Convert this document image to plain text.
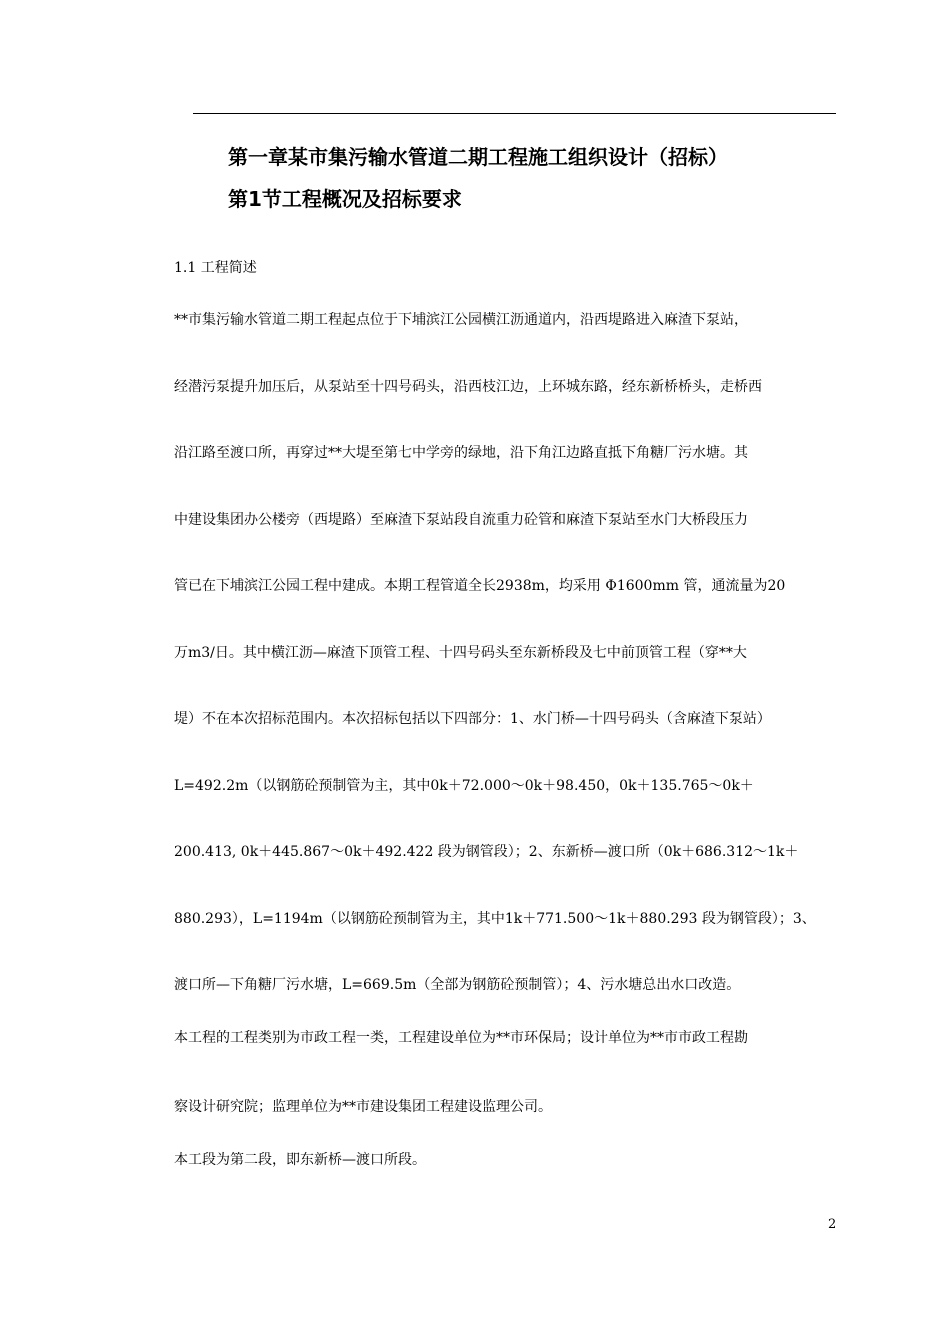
第一章某市集污输水管道二期工程施工组织设计（招标）
第1节工程概况及招标要求
1.1 工程简述
**市集污输水管道二期工程起点位于下埔滨江公园横江沥通道内，沿西堤路进入麻渣下泵站，
经潜污泵提升加压后，从泵站至十四号码头，沿西枝江边，上环城东路，经东新桥桥头，走桥西
沿江路至渡口所，再穿过**大堤至第七中学旁的绿地，沿下角江边路直抵下角糖厂污水塘。其
中建设集团办公楼旁（西堤路）至麻渣下泵站段自流重力砼管和麻渣下泵站至水门大桥段压力
管已在下埔滨江公园工程中建成。本期工程管道全长2938m，均采用 Φ1600mm 管，通流量为20
万m3/日。其中横江沥—麻渣下顶管工程、十四号码头至东新桥段及七中前顶管工程（穿**大
堤）不在本次招标范围内。本次招标包括以下四部分：1、水门桥—十四号码头（含麻渣下泵站）
L=492.2m（以钢筋砼预制管为主，其中0k＋72.000～0k＋98.450，0k＋135.765～0k＋
200.413, 0k＋445.867～0k＋492.422 段为钢管段）；2、东新桥—渡口所（0k＋686.312～1k＋
880.293），L=1194m（以钢筋砼预制管为主，其中1k＋771.500～1k＋880.293 段为钢管段）；3、
渡口所—下角糖厂污水塘，L=669.5m（全部为钢筋砼预制管）；4、污水塘总出水口改造。
本工程的工程类别为市政工程一类，工程建设单位为**市环保局；设计单位为**市市政工程勘
察设计研究院；监理单位为**市建设集团工程建设监理公司。
本工段为第二段，即东新桥—渡口所段。
2
